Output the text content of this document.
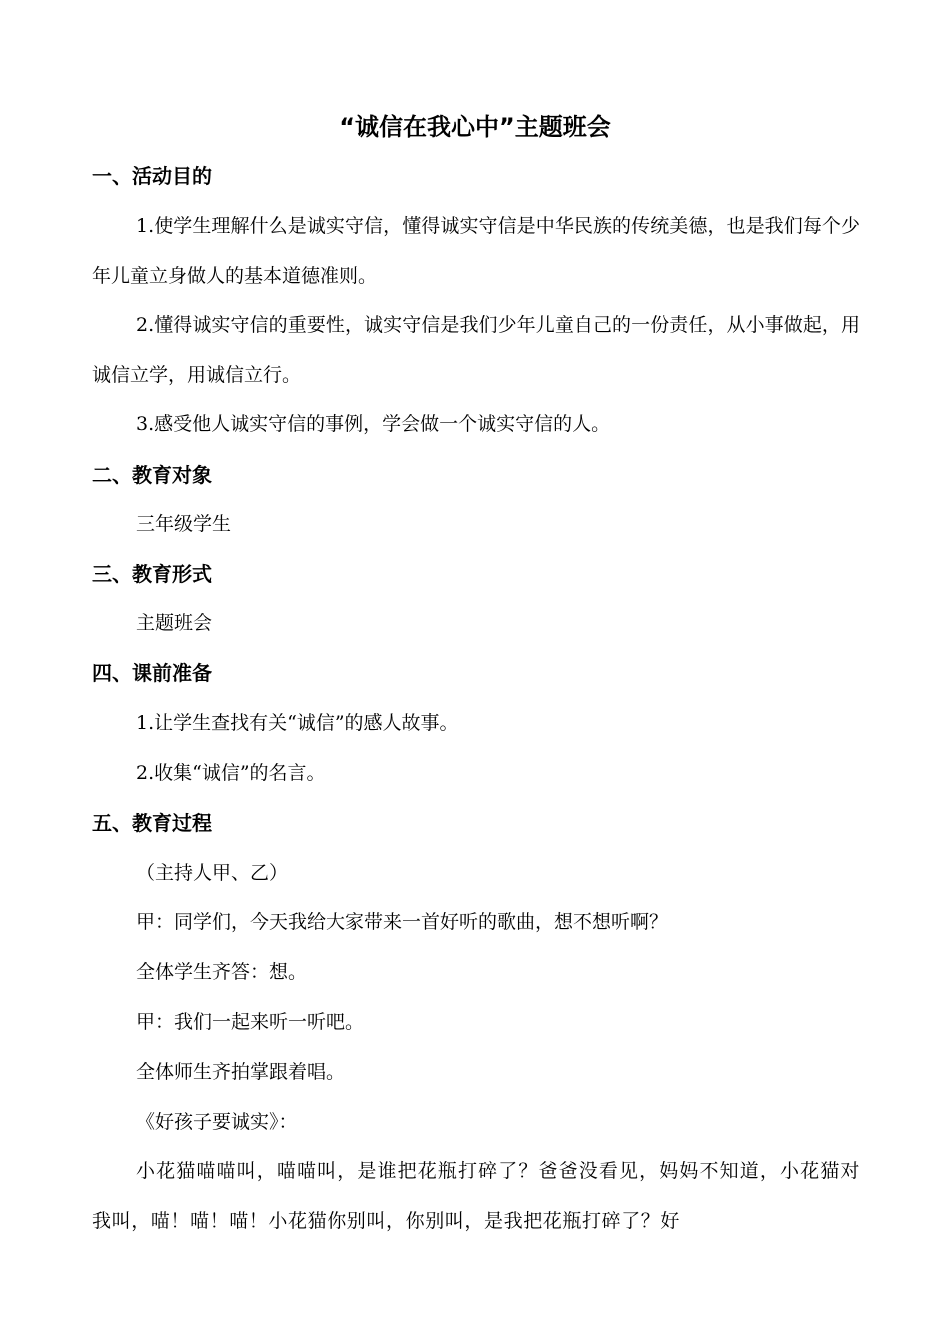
“诚信在我心中”主题班会
一、活动目的
1.使学生理解什么是诚实守信，懂得诚实守信是中华民族的传统美德，也是我们每个少年儿童立身做人的基本道德准则。
2.懂得诚实守信的重要性，诚实守信是我们少年儿童自己的一份责任，从小事做起，用诚信立学，用诚信立行。
3.感受他人诚实守信的事例，学会做一个诚实守信的人。
二、教育对象
三年级学生
三、教育形式
主题班会
四、课前准备
1.让学生查找有关“诚信”的感人故事。
2.收集“诚信”的名言。
五、教育过程
（主持人甲、乙）
甲：同学们，今天我给大家带来一首好听的歌曲，想不想听啊？
全体学生齐答：想。
甲：我们一起来听一听吧。
全体师生齐拍掌跟着唱。
《好孩子要诚实》：
小花猫喵喵叫，喵喵叫，是谁把花瓶打碎了？爸爸没看见，妈妈不知道，小花猫对我叫，喵！喵！喵！小花猫你别叫，你别叫，是我把花瓶打碎了？好
